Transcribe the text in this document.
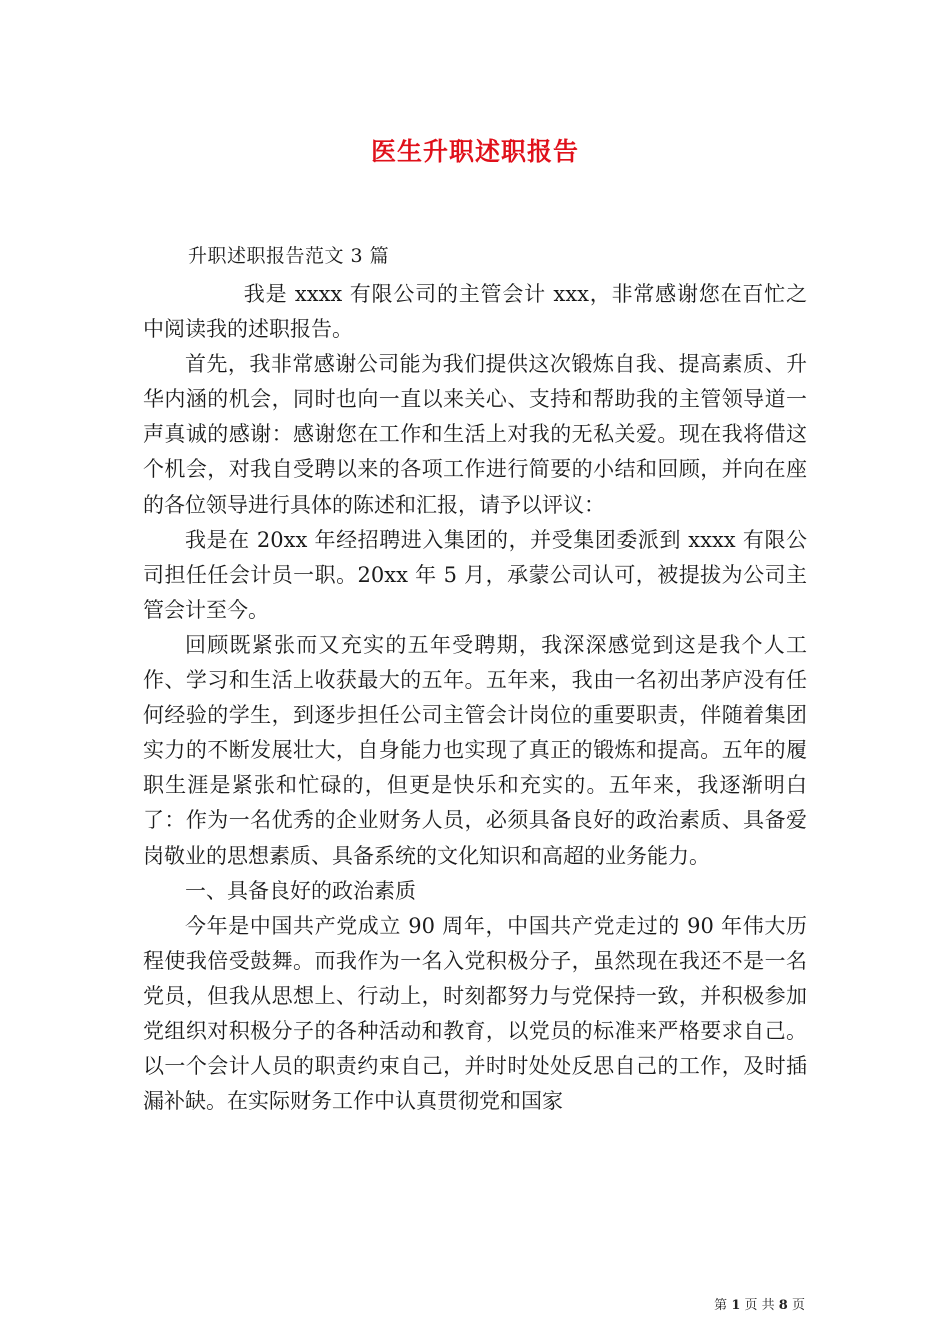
医生升职述职报告
升职述职报告范文 3 篇

我是 xxxx 有限公司的主管会计 xxx，非常感谢您在百忙之中阅读我的述职报告。

首先，我非常感谢公司能为我们提供这次锻炼自我、提高素质、升华内涵的机会，同时也向一直以来关心、支持和帮助我的主管领导道一声真诚的感谢：感谢您在工作和生活上对我的无私关爱。现在我将借这个机会，对我自受聘以来的各项工作进行简要的小结和回顾，并向在座的各位领导进行具体的陈述和汇报，请予以评议：

我是在 20xx 年经招聘进入集团的，并受集团委派到 xxxx 有限公司担任任会计员一职。20xx 年 5 月，承蒙公司认可，被提拔为公司主管会计至今。

回顾既紧张而又充实的五年受聘期，我深深感觉到这是我个人工作、学习和生活上收获最大的五年。五年来，我由一名初出茅庐没有任何经验的学生，到逐步担任公司主管会计岗位的重要职责，伴随着集团实力的不断发展壮大，自身能力也实现了真正的锻炼和提高。五年的履职生涯是紧张和忙碌的，但更是快乐和充实的。五年来，我逐渐明白了：作为一名优秀的企业财务人员，必须具备良好的政治素质、具备爱岗敬业的思想素质、具备系统的文化知识和高超的业务能力。

一、具备良好的政治素质

今年是中国共产党成立 90 周年，中国共产党走过的 90 年伟大历程使我倍受鼓舞。而我作为一名入党积极分子，虽然现在我还不是一名党员，但我从思想上、行动上，时刻都努力与党保持一致，并积极参加党组织对积极分子的各种活动和教育，以党员的标准来严格要求自己。以一个会计人员的职责约束自己，并时时处处反思自己的工作，及时插漏补缺。在实际财务工作中认真贯彻党和国家

第 1 页 共 8 页
